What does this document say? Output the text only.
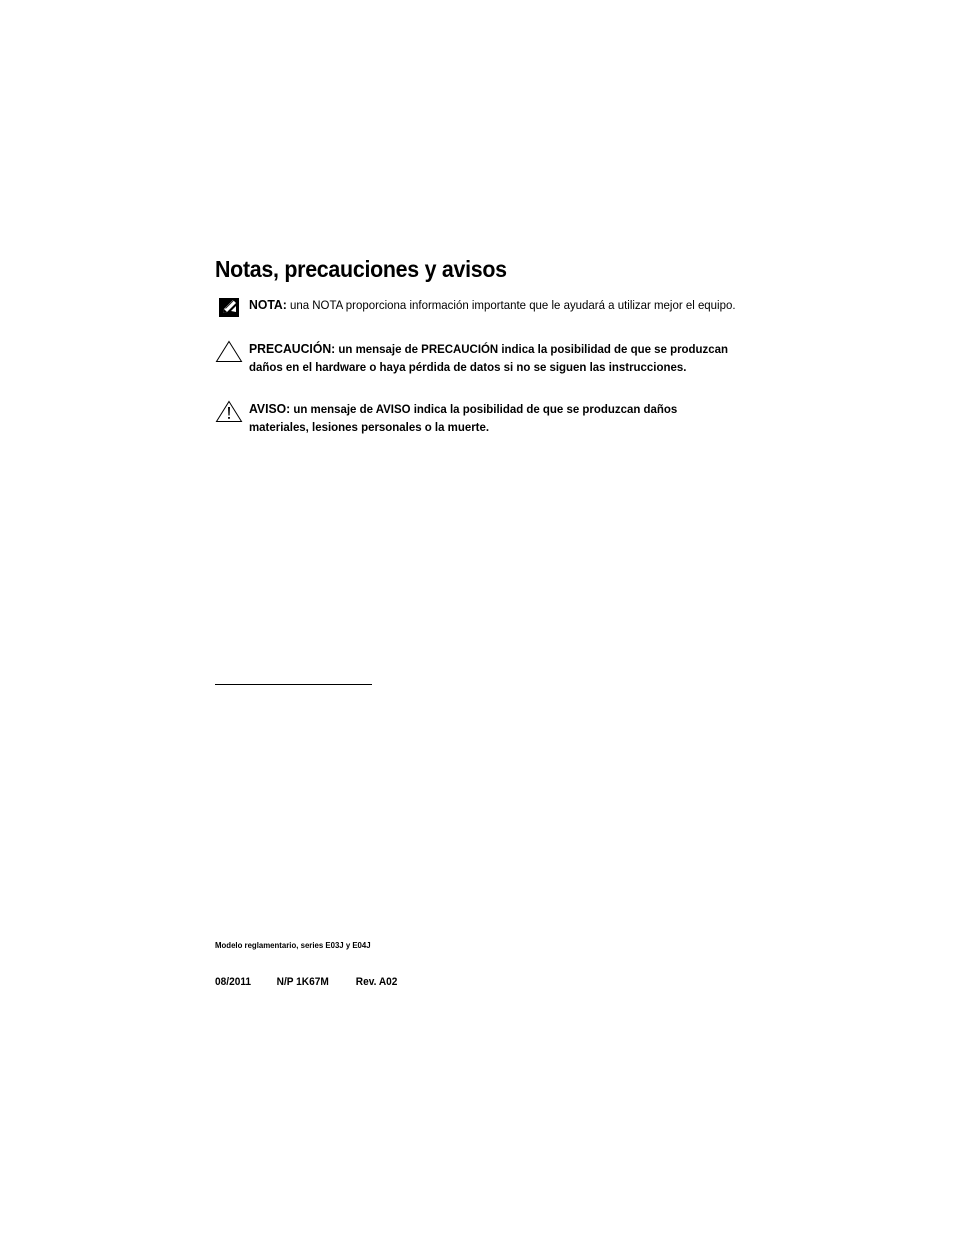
Notas, precauciones y avisos
NOTA: una NOTA proporciona información importante que le ayudará a utilizar mejor el equipo.
PRECAUCIÓN: un mensaje de PRECAUCIÓN indica la posibilidad de que se produzcan daños en el hardware o haya pérdida de datos si no se siguen las instrucciones.
AVISO: un mensaje de AVISO indica la posibilidad de que se produzcan daños materiales, lesiones personales o la muerte.
Modelo reglamentario, series E03J y E04J
08/2011 N/P 1K67M Rev. A02
